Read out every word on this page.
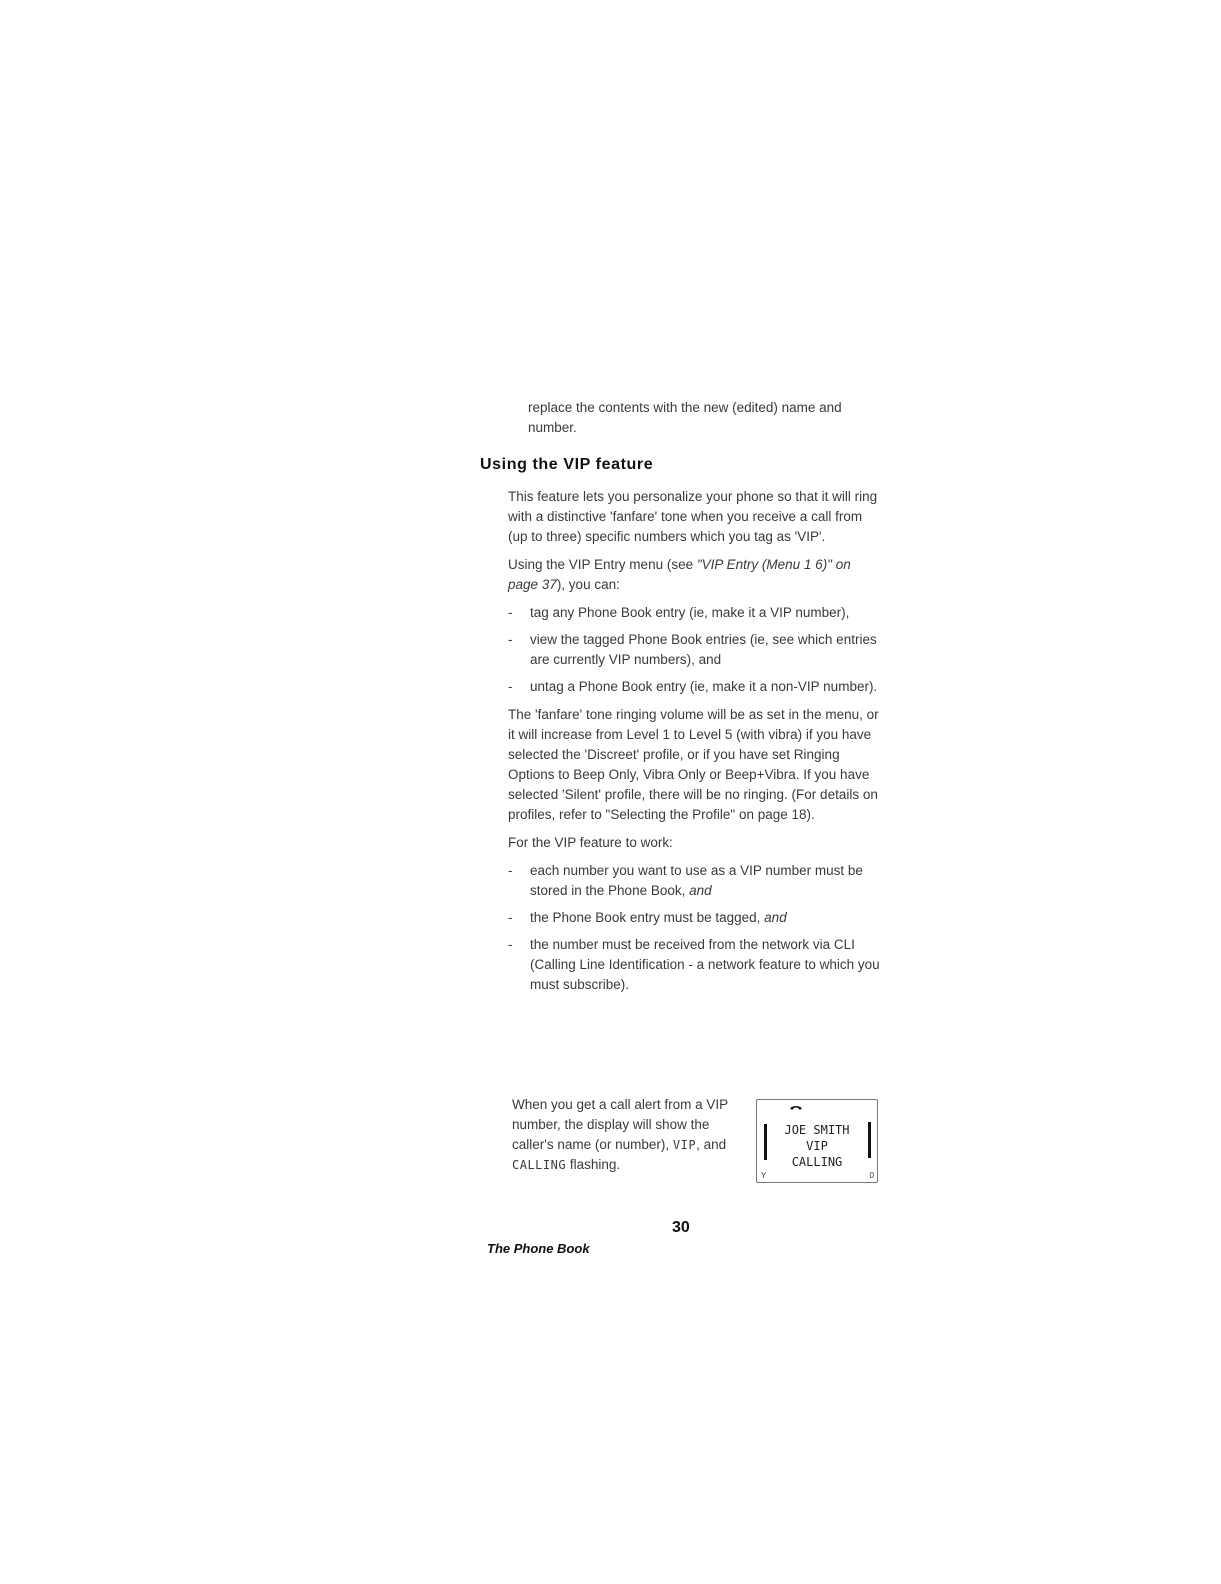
replace the contents with the new (edited) name and number.
Using the VIP feature

This feature lets you personalize your phone so that it will ring with a distinctive 'fanfare' tone when you receive a call from (up to three) specific numbers which you tag as 'VIP'.

Using the VIP Entry menu (see "VIP Entry (Menu 1 6)" on page 37), you can:

- tag any Phone Book entry (ie, make it a VIP number),
- view the tagged Phone Book entries (ie, see which entries are currently VIP numbers), and
- untag a Phone Book entry (ie, make it a non-VIP number).

The 'fanfare' tone ringing volume will be as set in the menu, or it will increase from Level 1 to Level 5 (with vibra) if you have selected the 'Discreet' profile, or if you have set Ringing Options to Beep Only, Vibra Only or Beep+Vibra. If you have selected 'Silent' profile, there will be no ringing. (For details on profiles, refer to "Selecting the Profile" on page 18).

For the VIP feature to work:

- each number you want to use as a VIP number must be stored in the Phone Book, and
- the Phone Book entry must be tagged, and
- the number must be received from the network via CLI (Calling Line Identification - a network feature to which you must subscribe).
When you get a call alert from a VIP number, the display will show the caller's name (or number), VIP, and CALLING flashing.
JOE SMITH
VIP
CALLING
Y	0
30
The Phone Book
